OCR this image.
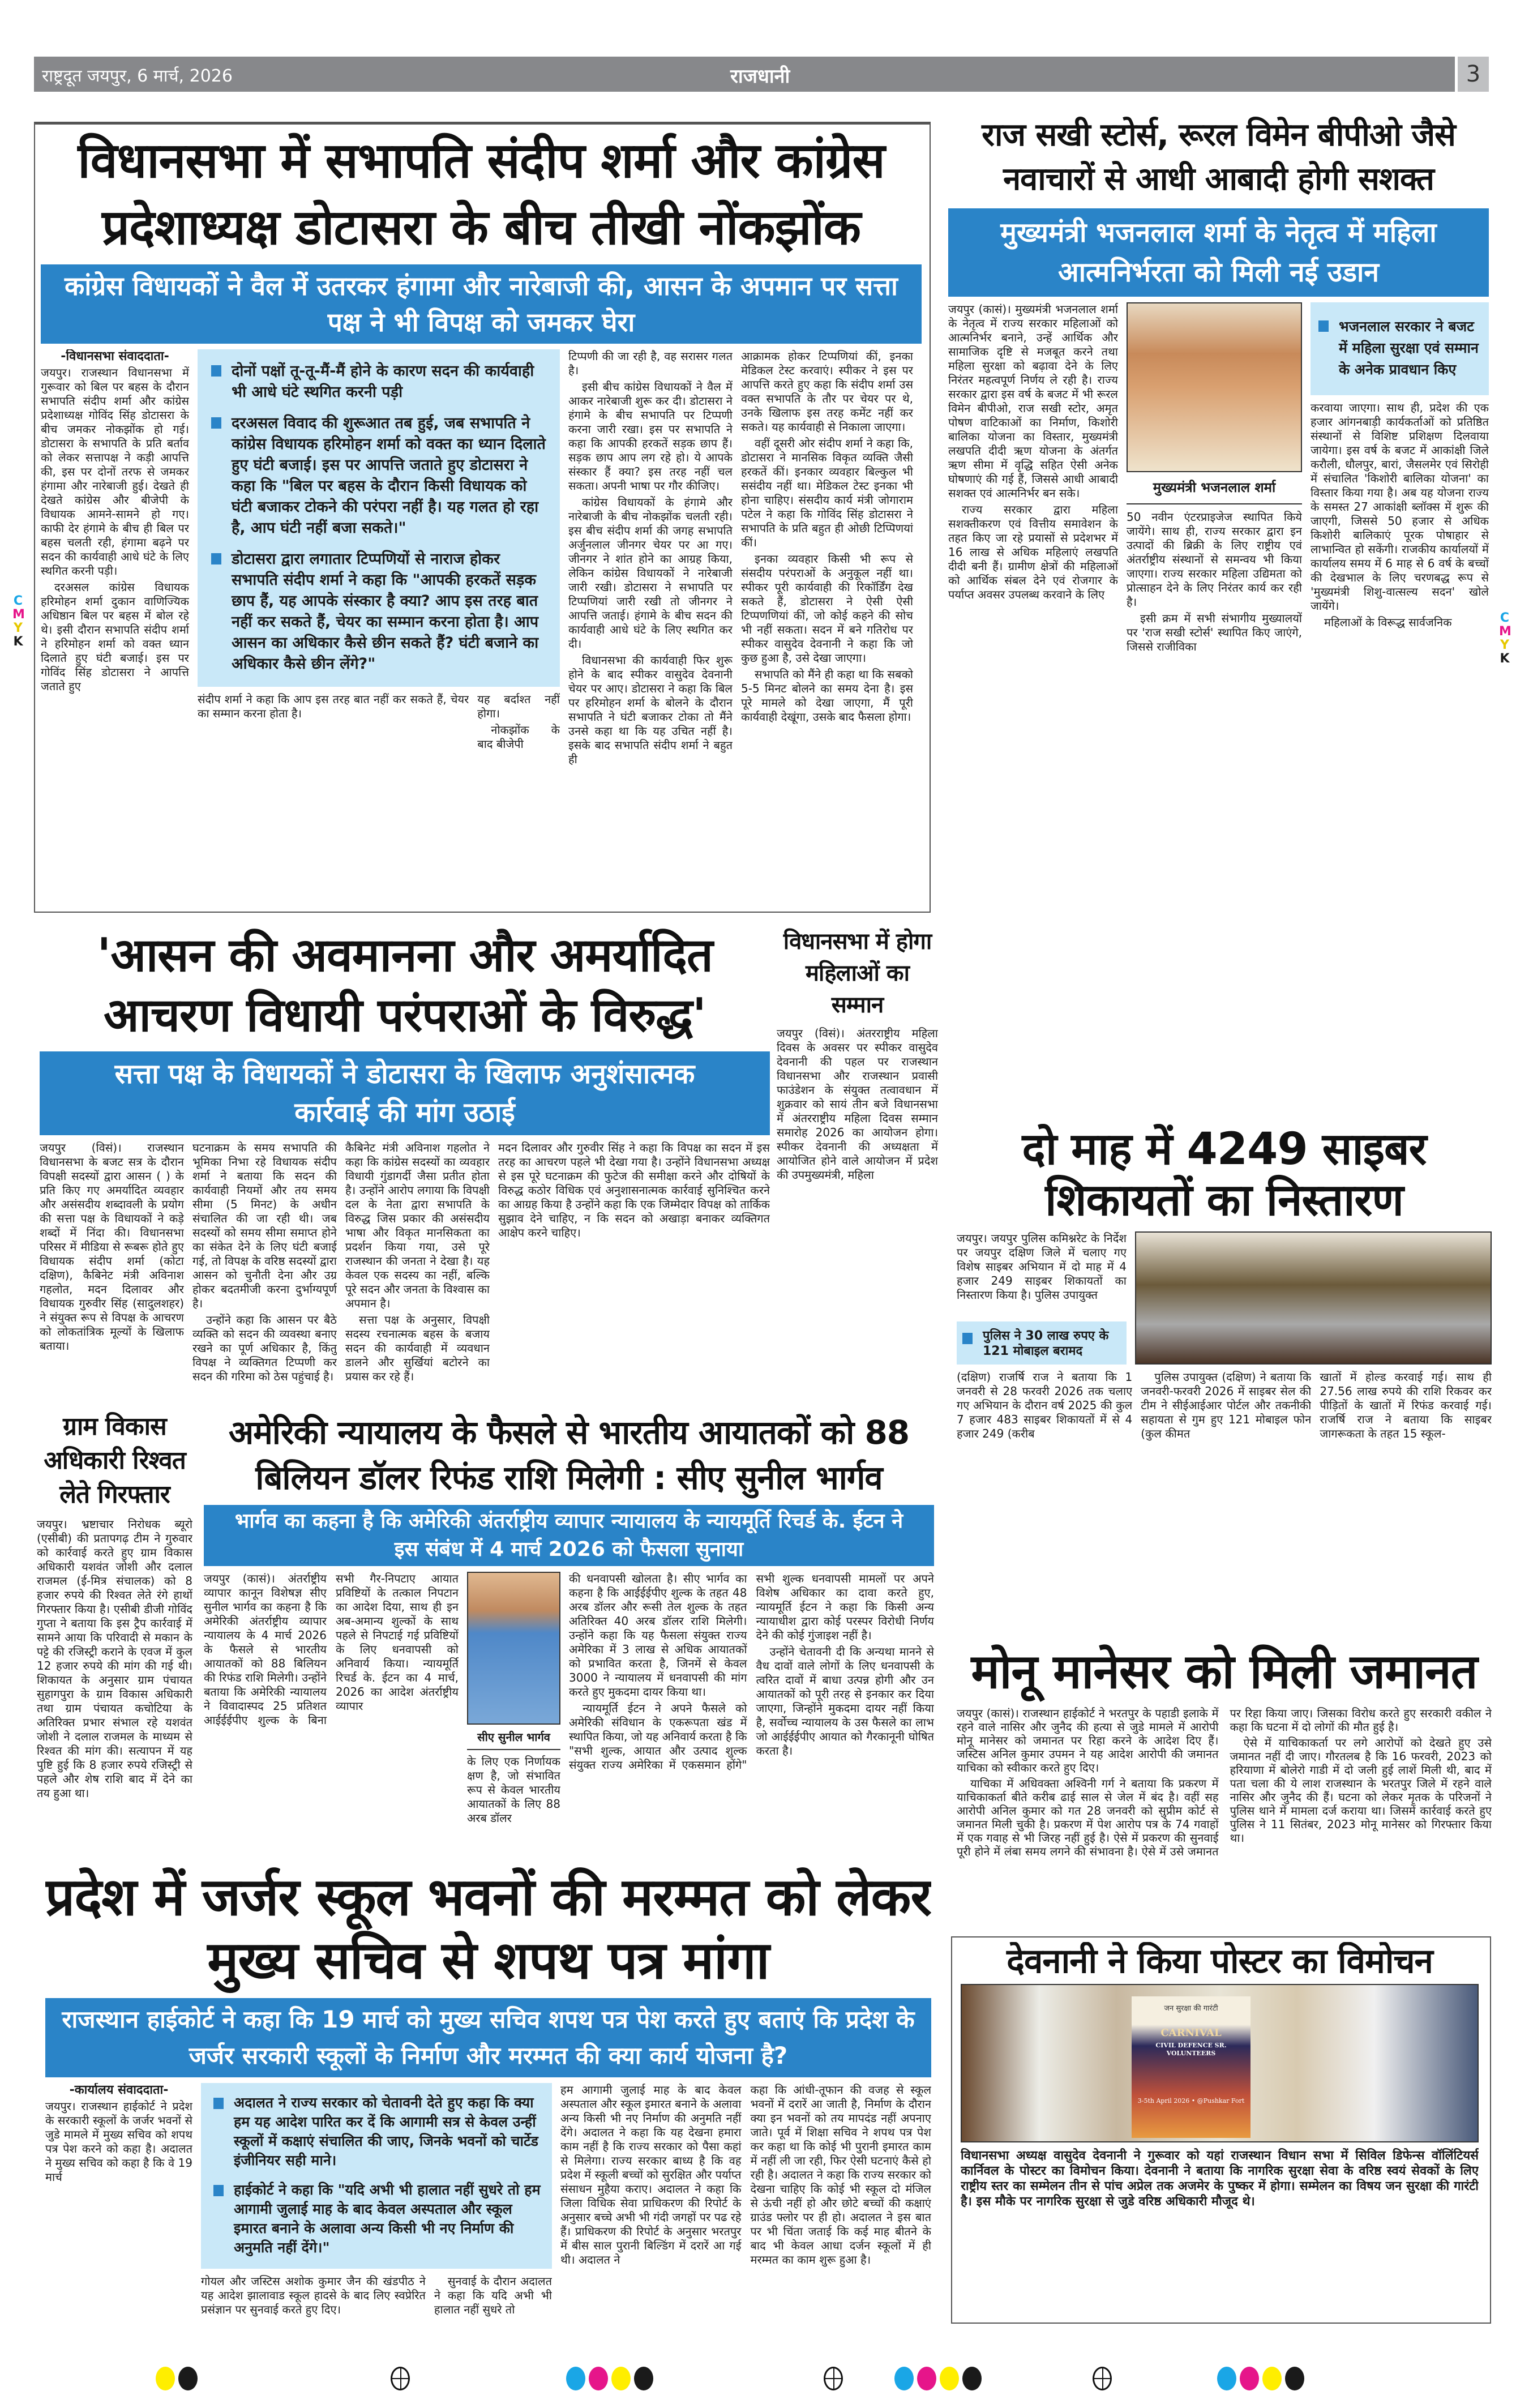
राष्ट्रदूत जयपुर, 6 मार्च, 2026	राजधानी	3
विधानसभा में सभापति संदीप शर्मा और कांग्रेस प्रदेशाध्यक्ष डोटासरा के बीच तीखी नोंकझोंक
कांग्रेस विधायकों ने वैल में उतरकर हंगामा और नारेबाजी की, आसन के अपमान पर सत्ता पक्ष ने भी विपक्ष को जमकर घेरा
-विधानसभा संवाददाता-

जयपुर। राजस्थान विधानसभा में गुरूवार को बिल पर बहस के दौरान सभापति संदीप शर्मा और कांग्रेस प्रदेशाध्यक्ष गोविंद सिंह डोटासरा के बीच जमकर नोकझोंक हो गई। डोटासरा के सभापति के प्रति बर्ताव को लेकर सत्तापक्ष ने कड़ी आपत्ति की, इस पर दोनों तरफ से जमकर हंगामा और नारेबाजी हुई। देखते ही देखते कांग्रेस और बीजेपी के विधायक आमने-सामने हो गए। काफी देर हंगामे के बीच ही बिल पर बहस चलती रही, हंगामा बढ़ने पर सदन की कार्यवाही आधे घंटे के लिए स्थगित करनी पड़ी।

दरअसल कांग्रेस विधायक हरिमोहन शर्मा दुकान वाणिज्यिक अधिष्ठान बिल पर बहस में बोल रहे थे। इसी दौरान सभापति संदीप शर्मा ने हरिमोहन शर्मा को वक्त ध्यान दिलाते हुए घंटी बजाई। इस पर गोविंद सिंह डोटासरा ने आपत्ति जताते हुए

दोनों पक्षों तू-तू-मैं-मैं होने के कारण सदन की कार्यवाही भी आधे घंटे स्थगित करनी पड़ी
दरअसल विवाद की शुरूआत तब हुई, जब सभापति ने कांग्रेस विधायक हरिमोहन शर्मा को वक्त का ध्यान दिलाते हुए घंटी बजाई। इस पर आपत्ति जताते हुए डोटासरा ने कहा कि "बिल पर बहस के दौरान किसी विधायक को घंटी बजाकर टोकने की परंपरा नहीं है। यह गलत हो रहा है, आप घंटी नहीं बजा सकते।"
डोटासरा द्वारा लगातार टिप्पणियों से नाराज होकर सभापति संदीप शर्मा ने कहा कि "आपकी हरकतें सड़क छाप हैं, यह आपके संस्कार है क्या? आप इस तरह बात नहीं कर सकते हैं, चेयर का सम्मान करना होता है। आप आसन का अधिकार कैसे छीन सकते हैं? घंटी बजाने का अधिकार कैसे छीन लेंगे?"

संदीप शर्मा ने कहा कि आप इस तरह बात नहीं कर सकते हैं, चेयर का सम्मान करना होता है।

यह बर्दाश्त नहीं होगा।

नोकझोंक के बाद बीजेपी

टिप्पणी की जा रही है, वह सरासर गलत है।

इसी बीच कांग्रेस विधायकों ने वैल में आकर नारेबाजी शुरू कर दी। डोटासरा ने हंगामे के बीच सभापति पर टिप्पणी करना जारी रखा। इस पर सभापति ने कहा कि आपकी हरकतें सड़क छाप हैं। सड़क छाप आप लग रहे हो। ये आपके संस्कार हैं क्या? इस तरह नहीं चल सकता। अपनी भाषा पर गौर कीजिए।

कांग्रेस विधायकों के हंगामे और नारेबाजी के बीच नोकझोंक चलती रही। इस बीच संदीप शर्मा की जगह सभापति अर्जुनलाल जीनगर चेयर पर आ गए। जीनगर ने शांत होने का आग्रह किया, लेकिन कांग्रेस विधायकों ने नारेबाजी जारी रखी। डोटासरा ने सभापति पर टिप्पणियां जारी रखी तो जीनगर ने आपत्ति जताई। हंगामे के बीच सदन की कार्यवाही आधे घंटे के लिए स्थगित कर दी।

विधानसभा की कार्यवाही फिर शुरू होने के बाद स्पीकर वासुदेव देवनानी चेयर पर आए। डोटासरा ने कहा कि बिल पर हरिमोहन शर्मा के बोलने के दौरान सभापति ने घंटी बजाकर टोका तो मैंने उनसे कहा था कि यह उचित नहीं है। इसके बाद सभापति संदीप शर्मा ने बहुत ही

आक्रामक होकर टिप्पणियां कीं, इनका मेडिकल टेस्ट करवाएं। स्पीकर ने इस पर आपत्ति करते हुए कहा कि संदीप शर्मा उस वक्त सभापति के तौर पर चेयर पर थे, उनके खिलाफ इस तरह कमेंट नहीं कर सकते। यह कार्यवाही से निकाला जाएगा।

वहीं दूसरी ओर संदीप शर्मा ने कहा कि, डोटासरा ने मानसिक विकृत व्यक्ति जैसी हरकतें कीं। इनकार व्यवहार बिल्कुल भी ससंदीय नहीं था। मेडिकल टेस्ट इनका भी होना चाहिए। संसदीय कार्य मंत्री जोगाराम पटेल ने कहा कि गोविंद सिंह डोटासरा ने सभापति के प्रति बहुत ही ओछी टिप्पिणयां कीं।

इनका व्यवहार किसी भी रूप से संसदीय परंपराओं के अनुकूल नहीं था। स्पीकर पूरी कार्यवाही की रिकॉर्डिंग देख सकते हैं, डोटासरा ने ऐसी ऐसी टिप्पणणियां कीं, जो कोई कहने की सोच भी नहीं सकता। सदन में बने गतिरोध पर स्पीकर वासुदेव देवनानी ने कहा कि जो कुछ हुआ है, उसे देखा जाएगा।

सभापति को मैंने ही कहा था कि सबको 5-5 मिनट बोलने का समय देना है। इस पूरे मामले को देखा जाएगा, मैं पूरी कार्यवाही देखूंगा, उसके बाद फैसला होगा।

राज सखी स्टोर्स, रूरल विमेन बीपीओ जैसे नवाचारों से आधी आबादी होगी सशक्त
मुख्यमंत्री भजनलाल शर्मा के नेतृत्व में महिला आत्मनिर्भरता को मिली नई उडान

जयपुर (कासं)। मुख्यमंत्री भजनलाल शर्मा के नेतृत्व में राज्य सरकार महिलाओं को आत्मनिर्भर बनाने, उन्हें आर्थिक और सामाजिक दृष्टि से मजबूत करने तथा महिला सुरक्षा को बढ़ावा देने के लिए निरंतर महत्वपूर्ण निर्णय ले रही है। राज्य सरकार द्वारा इस वर्ष के बजट में भी रूरल विमेन बीपीओ, राज सखी स्टोर, अमृत पोषण वाटिकाओं का निर्माण, किशोरी बालिका योजना का विस्तार, मुख्यमंत्री लखपति दीदी ऋण योजना के अंतर्गत ऋण सीमा में वृद्धि सहित ऐसी अनेक घोषणाएं की गई हैं, जिससे आधी आबादी सशक्त एवं आत्मनिर्भर बन सके।

राज्य सरकार द्वारा महिला सशक्तीकरण एवं वित्तीय समावेशन के तहत किए जा रहे प्रयासों से प्रदेशभर में 16 लाख से अधिक महिलाएं लखपति दीदी बनी हैं। ग्रामीण क्षेत्रों की महिलाओं को आर्थिक संबल देने एवं रोजगार के पर्याप्त अवसर उपलब्ध करवाने के लिए

मुख्यमंत्री भजनलाल शर्मा

50 नवीन एंटरप्राइजेज स्थापित किये जायेंगे। साथ ही, राज्य सरकार द्वारा इन उत्पादों की ब्रिक्री के लिए राष्ट्रीय एवं अंतर्राष्ट्रीय संस्थानों से समन्वय भी किया जाएगा। राज्य सरकार महिला उद्यिमता को प्रोत्साहन देने के लिए निरंतर कार्य कर रही है।

इसी क्रम में सभी संभागीय मुख्यालयों पर 'राज सखी स्टोर्स' स्थापित किए जाएंगे, जिससे राजीविका

भजनलाल सरकार ने बजट में महिला सुरक्षा एवं सम्मान के अनेक प्रावधान किए

करवाया जाएगा। साथ ही, प्रदेश की एक हजार आंगनबाड़ी कार्यकर्ताओं को प्रतिष्ठित संस्थानों से विशिष्ट प्रशिक्षण दिलवाया जायेगा। इस वर्ष के बजट में आकांक्षी जिले करौली, धौलपुर, बारां, जैसलमेर एवं सिरोही में संचालित 'किशोरी बालिका योजना' का विस्तार किया गया है। अब यह योजना राज्य के समस्त 27 आकांक्षी ब्लॉक्स में शुरू की जाएगी, जिससे 50 हजार से अधिक किशोरी बालिकाएं पूरक पोषाहार से लाभान्वित हो सकेंगी। राजकीय कार्यालयों में कार्यालय समय में 6 माह से 6 वर्ष के बच्चों की देखभाल के लिए चरणबद्ध रूप से 'मुख्यमंत्री शिशु-वात्सल्य सदन' खोले जायेंगे।

महिलाओं के विरूद्ध सार्वजनिक

'आसन की अवमानना और अमर्यादित आचरण विधायी परंपराओं के विरुद्ध'
सत्ता पक्ष के विधायकों ने डोटासरा के खिलाफ अनुशंसात्मक कार्रवाई की मांग उठाई

जयपुर (विसं)। राजस्थान विधानसभा के बजट सत्र के दौरान विपक्षी सदस्यों द्वारा आसन ( ) के प्रति किए गए अमर्यादित व्यवहार और असंसदीय शब्दावली के प्रयोग की सत्ता पक्ष के विधायकों ने कड़े शब्दों में निंदा की। विधानसभा परिसर में मीडिया से रूबरू होते हुए विधायक संदीप शर्मा (कोटा दक्षिण), कैबिनेट मंत्री अविनाश गहलोत, मदन दिलावर और विधायक गुरुवीर सिंह (सादुलशहर) ने संयुक्त रूप से विपक्ष के आचरण को लोकतांत्रिक मूल्यों के खिलाफ बताया।

घटनाक्रम के समय सभापति की भूमिका निभा रहे विधायक संदीप शर्मा ने बताया कि सदन की कार्यवाही नियमों और तय समय सीमा (5 मिनट) के अधीन संचालित की जा रही थी। जब सदस्यों को समय सीमा समाप्त होने का संकेत देने के लिए घंटी बजाई गई, तो विपक्ष के वरिष्ठ सदस्यों द्वारा आसन को चुनौती देना और उग्र होकर बदतमीजी करना दुर्भाग्यपूर्ण है।

उन्होंने कहा कि आसन पर बैठे व्यक्ति को सदन की व्यवस्था बनाए रखने का पूर्ण अधिकार है, किंतु विपक्ष ने व्यक्तिगत टिप्पणी कर सदन की गरिमा को ठेस पहुंचाई है।

कैबिनेट मंत्री अविनाश गहलोत ने कहा कि कांग्रेस सदस्यों का व्यवहार विधायी गुंडागर्दी जैसा प्रतीत होता है। उन्होंने आरोप लगाया कि विपक्षी दल के नेता द्वारा सभापति के विरुद्ध जिस प्रकार की असंसदीय भाषा और विकृत मानसिकता का प्रदर्शन किया गया, उसे पूरे राजस्थान की जनता ने देखा है। यह केवल एक सदस्य का नहीं, बल्कि पूरे सदन और जनता के विश्वास का अपमान है।

सत्ता पक्ष के अनुसार, विपक्षी सदस्य रचनात्मक बहस के बजाय सदन की कार्यवाही में व्यवधान डालने और सुर्खियां बटोरने का प्रयास कर रहे हैं।

मदन दिलावर और गुरुवीर सिंह ने कहा कि विपक्ष का सदन में इस तरह का आचरण पहले भी देखा गया है। उन्होंने विधानसभा अध्यक्ष से इस पूरे घटनाक्रम की फुटेज की समीक्षा करने और दोषियों के विरुद्ध कठोर विधिक एवं अनुशासनात्मक कार्रवाई सुनिश्चित करने का आग्रह किया है उन्होंने कहा कि एक जिम्मेदार विपक्ष को तार्किक सुझाव देने चाहिए, न कि सदन को अखाड़ा बनाकर व्यक्तिगत आक्षेप करने चाहिए।

विधानसभा में होगा महिलाओं का सम्मान

जयपुर (विसं)। अंतरराष्ट्रीय महिला दिवस के अवसर पर स्पीकर वासुदेव देवनानी की पहल पर राजस्थान विधानसभा और राजस्थान प्रवासी फाउंडेशन के संयुक्त तत्वावधान में शुक्रवार को सायं तीन बजे विधानसभा में अंतरराष्ट्रीय महिला दिवस सम्मान समारोह 2026 का आयोजन होगा। स्पीकर देवनानी की अध्यक्षता में आयोजित होने वाले आयोजन में प्रदेश की उपमुख्यमंत्री, महिला	दो माह में 4249 साइबर शिकायतों का निस्तारण

जयपुर। जयपुर पुलिस कमिश्नरेट के निर्देश पर जयपुर दक्षिण जिले में चलाए गए विशेष साइबर अभियान में दो माह में 4 हजार 249 साइबर शिकायतों का निस्तारण किया है। पुलिस उपायुक्त

पुलिस ने 30 लाख रुपए के 121 मोबाइल बरामद

(दक्षिण) राजर्षि राज ने बताया कि 1 जनवरी से 28 फरवरी 2026 तक चलाए गए अभियान के दौरान वर्ष 2025 की कुल 7 हजार 483 साइबर शिकायतों में से 4 हजार 249 (करीब

पुलिस उपायुक्त (दक्षिण) ने बताया कि जनवरी-फरवरी 2026 में साइबर सेल की टीम ने सीईआईआर पोर्टल और तकनीकी सहायता से गुम हुए 121 मोबाइल फोन (कुल कीमत

खातों में होल्ड करवाई गई। साथ ही 27.56 लाख रुपये की राशि रिकवर कर पीड़ितों के खातों में रिफंड करवाई गई। राजर्षि राज ने बताया कि साइबर जागरूकता के तहत 15 स्कूल-

ग्राम विकास अधिकारी रिश्वत लेते गिरफ्तार

जयपुर। भ्रष्टाचार निरोधक ब्यूरो (एसीबी) की प्रतापगढ़ टीम ने गुरुवार को कार्रवाई करते हुए ग्राम विकास अधिकारी यशवंत जोशी और दलाल राजमल (ई-मित्र संचालक) को 8 हजार रुपये की रिश्वत लेते रंगे हाथों गिरफ्तार किया है। एसीबी डीजी गोविंद गुप्ता ने बताया कि इस ट्रैप कार्रवाई में सामने आया कि परिवादी से मकान के पट्टे की रजिस्ट्री कराने के एवज में कुल 12 हजार रुपये की मांग की गई थी। शिकायत के अनुसार ग्राम पंचायत सुहागपुरा के ग्राम विकास अधिकारी तथा ग्राम पंचायत कचोटिया के अतिरिक्त प्रभार संभाल रहे यशवंत जोशी ने दलाल राजमल के माध्यम से रिश्वत की मांग की। सत्यापन में यह पुष्टि हुई कि 8 हजार रुपये रजिस्ट्री से पहले और शेष राशि बाद में देने का तय हुआ था।

अमेरिकी न्यायालय के फैसले से भारतीय आयातकों को 88 बिलियन डॉलर रिफंड राशि मिलेगी : सीए सुनील भार्गव
भार्गव का कहना है कि अमेरिकी अंतर्राष्ट्रीय व्यापार न्यायालय के न्यायमूर्ति रिचर्ड के. ईटन ने इस संबंध में 4 मार्च 2026 को फैसला सुनाया

जयपुर (कासं)। अंतर्राष्ट्रीय व्यापार कानून विशेषज्ञ सीए सुनील भार्गव का कहना है कि अमेरिकी अंतर्राष्ट्रीय व्यापार न्यायालय के 4 मार्च 2026 के फैसले से भारतीय आयातकों को 88 बिलियन की रिफंड राशि मिलेगी। उन्होंने बताया कि अमेरिकी न्यायालय ने विवादास्पद 25 प्रतिशत आईईईपीए शुल्क के बिना सभी गैर-निपटाए आयात प्रविष्टियों के तत्काल निपटान का आदेश दिया, साथ ही इन अब-अमान्य शुल्कों के साथ पहले से निपटाई गई प्रविष्टियों के लिए धनवापसी को अनिवार्य किया। न्यायमूर्ति रिचर्ड के. ईटन का 4 मार्च, 2026 का आदेश अंतर्राष्ट्रीय व्यापार

सीए सुनील भार्गव

के लिए एक निर्णायक क्षण है, जो संभावित रूप से केवल भारतीय आयातकों के लिए 88 अरब डॉलर

की धनवापसी खोलता है। सीए भार्गव का कहना है कि आईईईपीए शुल्क के तहत 48 अरब डॉलर और रूसी तेल शुल्क के तहत अतिरिक्त 40 अरब डॉलर राशि मिलेगी। उन्होंने कहा कि यह फैसला संयुक्त राज्य अमेरिका में 3 लाख से अधिक आयातकों को प्रभावित करता है, जिनमें से केवल 3000 ने न्यायालय में धनवापसी की मांग करते हुए मुकदमा दायर किया था।

न्यायमूर्ति ईटन ने अपने फैसले को अमेरिकी संविधान के एकरूपता खंड में स्थापित किया, जो यह अनिवार्य करता है कि "सभी शुल्क, आयात और उत्पाद शुल्क संयुक्त राज्य अमेरिका में एकसमान होंगे" सभी शुल्क धनवापसी मामलों पर अपने विशेष अधिकार का दावा करते हुए, न्यायमूर्ति ईटन ने कहा कि किसी अन्य न्यायाधीश द्वारा कोई परस्पर विरोधी निर्णय देने की कोई गुंजाइश नहीं है।

उन्होंने चेतावनी दी कि अन्यथा मानने से वैध दावों वाले लोगों के लिए धनवापसी के त्वरित दावों में बाधा उत्पन्न होगी और उन आयातकों को पूरी तरह से इनकार कर दिया जाएगा, जिन्होंने मुकदमा दायर नहीं किया है, सर्वोच्च न्यायालय के उस फैसले का लाभ जो आईईईपीए आयात को गैरकानूनी घोषित करता है।

मोनू मानेसर को मिली जमानत

जयपुर (कासं)। राजस्थान हाईकोर्ट ने भरतपुर के पहाडी इलाके में रहने वाले नासिर और जुनैद की हत्या से जुडे मामले में आरोपी मोनू मानेसर को जमानत पर रिहा करने के आदेश दिए हैं। जस्टिस अनिल कुमार उपमन ने यह आदेश आरोपी की जमानत याचिका को स्वीकार करते हुए दिए।

याचिका में अधिवक्ता अश्विनी गर्ग ने बताया कि प्रकरण में याचिकाकर्ता बीते करीब ढाई साल से जेल में बंद है। वहीं सह आरोपी अनिल कुमार को गत 28 जनवरी को सुप्रीम कोर्ट से जमानत मिली चुकी है। प्रकरण में पेश आरोप पत्र के 74 गवाहों में एक गवाह से भी जिरह नहीं हुई है। ऐसे में प्रकरण की सुनवाई पूरी होने में लंबा समय लगने की संभावना है। ऐसे में उसे जमानत पर रिहा किया जाए। जिसका विरोध करते हुए सरकारी वकील ने कहा कि घटना में दो लोगों की मौत हुई है।

ऐसे में याचिकाकर्ता पर लगे आरोपों को देखते हुए उसे जमानत नहीं दी जाए। गौरतलब है कि 16 फरवरी, 2023 को हरियाणा में बोलेरो गाडी में दो जली हुई लाशें मिली थी, बाद में पता चला की ये लाश राजस्थान के भरतपुर जिले में रहने वाले नासिर और जुनैद की हैं। घटना को लेकर मृतक के परिजनों ने पुलिस थाने में मामला दर्ज कराया था। जिसमें कार्रवाई करते हुए पुलिस ने 11 सितंबर, 2023 मोनू मानेसर को गिरफ्तार किया था।

प्रदेश में जर्जर स्कूल भवनों की मरम्मत को लेकर मुख्य सचिव से शपथ पत्र मांगा
राजस्थान हाईकोर्ट ने कहा कि 19 मार्च को मुख्य सचिव शपथ पत्र पेश करते हुए बताएं कि प्रदेश के जर्जर सरकारी स्कूलों के निर्माण और मरम्मत की क्या कार्य योजना है?
-कार्यालय संवाददाता-

जयपुर। राजस्थान हाईकोर्ट ने प्रदेश के सरकारी स्कूलों के जर्जर भवनों से जुडे मामले में मुख्य सचिव को शपथ पत्र पेश करने को कहा है। अदालत ने मुख्य सचिव को कहा है कि वे 19 मार्च

अदालत ने राज्य सरकार को चेतावनी देते हुए कहा कि क्या हम यह आदेश पारित कर दें कि आगामी सत्र से केवल उन्हीं स्कूलों में कक्षाएं संचालित की जाए, जिनके भवनों को चार्टेड इंजीनियर सही माने।
हाईकोर्ट ने कहा कि "यदि अभी भी हालात नहीं सुधरे तो हम आगामी जुलाई माह के बाद केवल अस्पताल और स्कूल इमारत बनाने के अलावा अन्य किसी भी नए निर्माण की अनुमति नहीं देंगे।"

गोयल और जस्टिस अशोक कुमार जैन की खंडपीठ ने यह आदेश झालावाड स्कूल हादसे के बाद लिए स्वप्रेरित प्रसंज्ञान पर सुनवाई करते हुए दिए।

सुनवाई के दौरान अदालत ने कहा कि यदि अभी भी हालात नहीं सुधरे तो

हम आगामी जुलाई माह के बाद केवल अस्पताल और स्कूल इमारत बनाने के अलावा अन्य किसी भी नए निर्माण की अनुमति नहीं देंगे। अदालत ने कहा कि यह देखना हमारा काम नहीं है कि राज्य सरकार को पैसा कहां से मिलेगा। राज्य सरकार बाध्य है कि वह प्रदेश में स्कूली बच्चों को सुरक्षित और पर्याप्त संसाधन मुहैया कराए। अदालत ने कहा कि जिला विधिक सेवा प्राधिकरण की रिपोर्ट के अनुसार बच्चे अभी भी गंदी जगहों पर पढ रहे हैं। प्राधिकरण की रिपोर्ट के अनुसार भरतपुर में बीस साल पुरानी बिल्डिंग में दरारें आ गई थी। अदालत ने

कहा कि आंधी-तूफान की वजह से स्कूल भवनों में दरारें आ जाती है, निर्माण के दौरान क्या इन भवनों को तय मापदंड नहीं अपनाए जाते। पूर्व में शिक्षा सचिव ने शपथ पत्र पेश कर कहा था कि कोई भी पुरानी इमारत काम में नहीं ली जा रही, फिर ऐसी घटनाएं कैसे हो रही है। अदालत ने कहा कि राज्य सरकार को देखना चाहिए कि कोई भी स्कूल दो मंजिल से ऊंची नहीं हो और छोटे बच्चों की कक्षाएं ग्राउंड फ्लोर पर ही हो। अदालत ने इस बात पर भी चिंता जताई कि कई माह बीतने के बाद भी केवल आधा दर्जन स्कूलों में ही मरम्मत का काम शुरू हुआ है।

देवनानी ने किया पोस्टर का विमोचन
जन सुरक्षा की गारंटी
CARNIVAL
CIVIL DEFENCE SR. VOLUNTEERS
3-5th April 2026 • @Pushkar Fort
विधानसभा अध्यक्ष वासुदेव देवनानी ने गुरूवार को यहां राजस्थान विधान सभा में सिविल डिफेन्स वॉलिंटियर्स कार्निवल के पोस्टर का विमोचन किया। देवनानी ने बताया कि नागरिक सुरक्षा सेवा के वरिष्ठ स्वयं सेवकों के लिए राष्ट्रीय स्तर का सम्मेलन तीन से पांच अप्रेल तक अजमेर के पुष्कर में होगा। सम्मेलन का विषय जन सुरक्षा की गारंटी है। इस मौके पर नागरिक सुरक्षा से जुडे वरिष्ठ अधिकारी मौजूद थे।
C
M
Y
K
C
M
Y
K
